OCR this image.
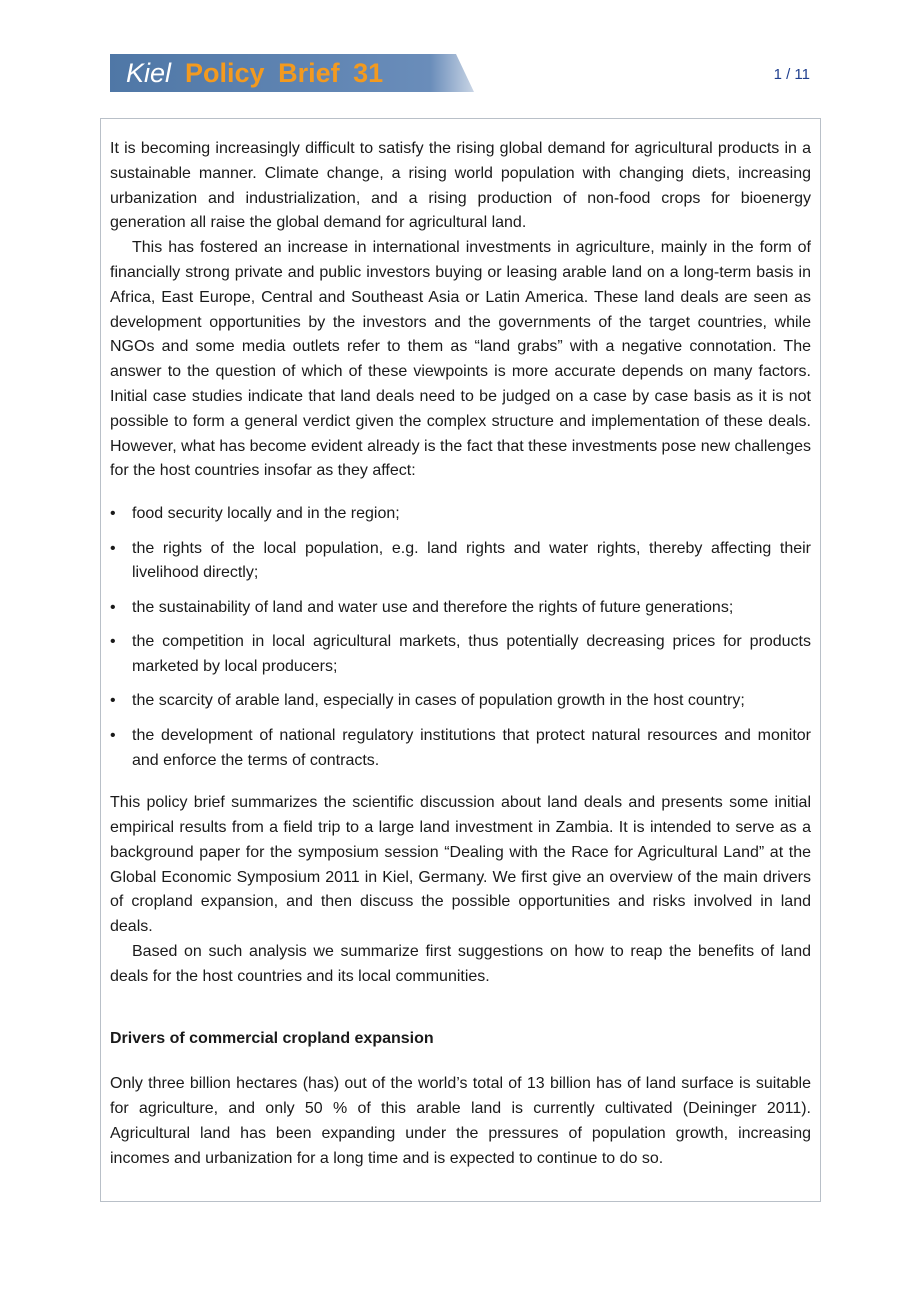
Kiel Policy Brief 31	1 / 11

It is becoming increasingly difficult to satisfy the rising global demand for agricultural products in a sustainable manner. Climate change, a rising world population with changing diets, increasing urbanization and industrialization, and a rising production of non-food crops for bioenergy generation all raise the global demand for agricultural land.

This has fostered an increase in international investments in agriculture, mainly in the form of financially strong private and public investors buying or leasing arable land on a long-term basis in Africa, East Europe, Central and Southeast Asia or Latin America. These land deals are seen as development opportunities by the investors and the governments of the target countries, while NGOs and some media outlets refer to them as “land grabs” with a negative connotation. The answer to the question of which of these viewpoints is more accurate depends on many factors. Initial case studies indicate that land deals need to be judged on a case by case basis as it is not possible to form a general verdict given the complex structure and implementation of these deals. However, what has become evident already is the fact that these investments pose new challenges for the host countries insofar as they affect:

• food security locally and in the region;
• the rights of the local population, e.g. land rights and water rights, thereby affecting their livelihood directly;
• the sustainability of land and water use and therefore the rights of future generations;
• the competition in local agricultural markets, thus potentially decreasing prices for products marketed by local producers;
• the scarcity of arable land, especially in cases of population growth in the host country;
• the development of national regulatory institutions that protect natural resources and monitor and enforce the terms of contracts.

This policy brief summarizes the scientific discussion about land deals and presents some initial empirical results from a field trip to a large land investment in Zambia. It is intended to serve as a background paper for the symposium session “Dealing with the Race for Agricultural Land” at the Global Economic Symposium 2011 in Kiel, Germany. We first give an overview of the main drivers of cropland expansion, and then discuss the possible opportunities and risks involved in land deals.

Based on such analysis we summarize first suggestions on how to reap the benefits of land deals for the host countries and its local communities.

Drivers of commercial cropland expansion

Only three billion hectares (has) out of the world’s total of 13 billion has of land surface is suitable for agriculture, and only 50 % of this arable land is currently cultivated (Deininger 2011). Agricultural land has been expanding under the pressures of population growth, increasing incomes and urbanization for a long time and is expected to continue to do so.
